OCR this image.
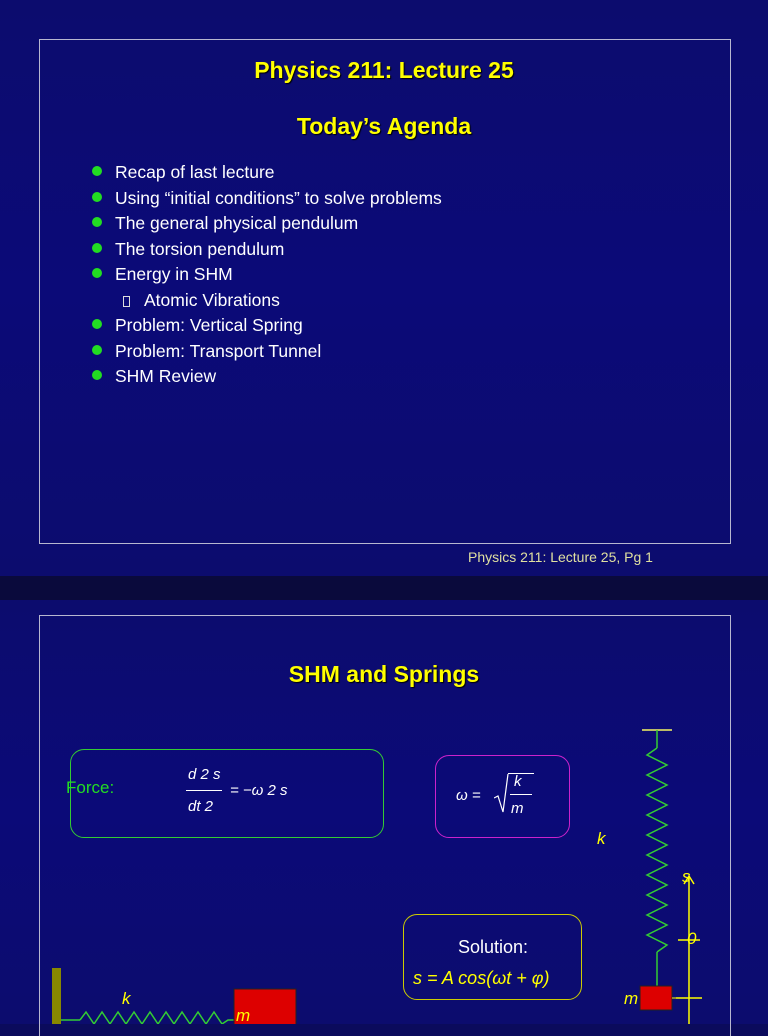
Physics 211: Lecture 25
Today’s Agenda
Recap of last lecture
Using “initial conditions” to solve problems
The general physical pendulum
The torsion pendulum
Energy in SHM
Atomic Vibrations
Problem: Vertical Spring
Problem: Transport Tunnel
SHM Review
Physics 211: Lecture 25, Pg 1
SHM and Springs
Force:
d 2 s
dt 2
= −ω 2 s	ω =
k
m
Solution:
s = A cos(ωt + φ)
k
s
0
m
k
m
